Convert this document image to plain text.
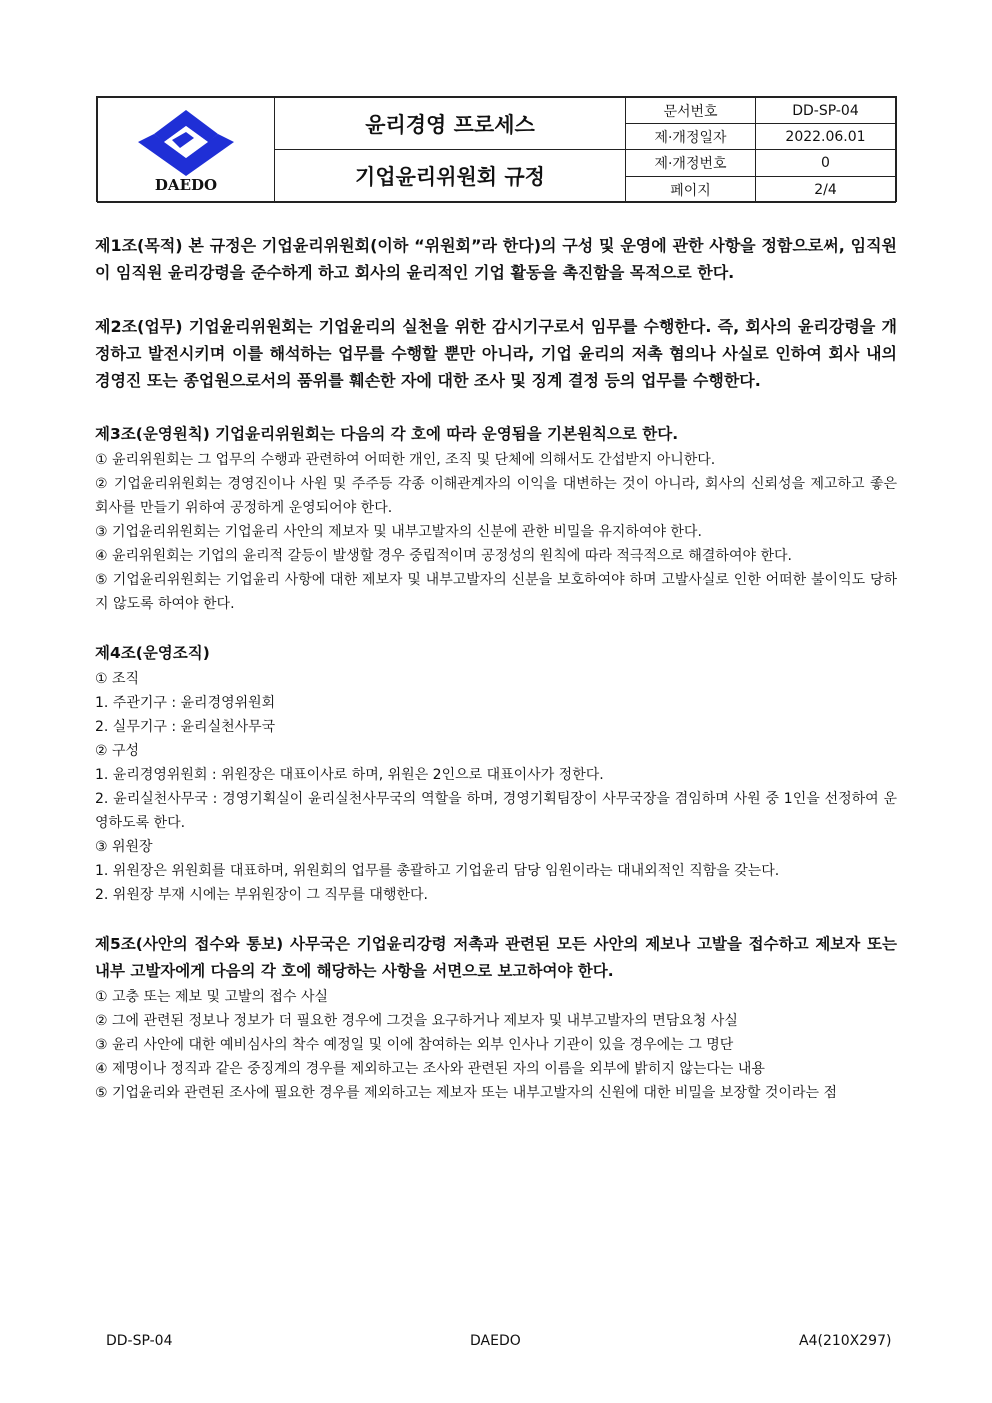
DAEDO	윤리경영 프로세스	문서번호	DD-SP-04
		제·개정일자	2022.06.01
	기업윤리위원회 규정	제·개정번호	0
		페이지	2/4

제1조(목적) 본 규정은 기업윤리위원회(이하 “위원회”라 한다)의 구성 및 운영에 관한 사항을 정함으로써, 임직원이 임직원 윤리강령을 준수하게 하고 회사의 윤리적인 기업 활동을 촉진함을 목적으로 한다.

제2조(업무) 기업윤리위원회는 기업윤리의 실천을 위한 감시기구로서 임무를 수행한다. 즉, 회사의 윤리강령을 개정하고 발전시키며 이를 해석하는 업무를 수행할 뿐만 아니라, 기업 윤리의 저촉 혐의나 사실로 인하여 회사 내의 경영진 또는 종업원으로서의 품위를 훼손한 자에 대한 조사 및 징계 결정 등의 업무를 수행한다.

제3조(운영원칙) 기업윤리위원회는 다음의 각 호에 따라 운영됨을 기본원칙으로 한다.

① 윤리위원회는 그 업무의 수행과 관련하여 어떠한 개인, 조직 및 단체에 의해서도 간섭받지 아니한다.

② 기업윤리위원회는 경영진이나 사원 및 주주등 각종 이해관계자의 이익을 대변하는 것이 아니라, 회사의 신뢰성을 제고하고 좋은 회사를 만들기 위하여 공정하게 운영되어야 한다.

③ 기업윤리위원회는 기업윤리 사안의 제보자 및 내부고발자의 신분에 관한 비밀을 유지하여야 한다.

④ 윤리위원회는 기업의 윤리적 갈등이 발생할 경우 중립적이며 공정성의 원칙에 따라 적극적으로 해결하여야 한다.

⑤ 기업윤리위원회는 기업윤리 사항에 대한 제보자 및 내부고발자의 신분을 보호하여야 하며 고발사실로 인한 어떠한 불이익도 당하지 않도록 하여야 한다.

제4조(운영조직)

① 조직

1. 주관기구 : 윤리경영위원회

2. 실무기구 : 윤리실천사무국

② 구성

1. 윤리경영위원회 : 위원장은 대표이사로 하며, 위원은 2인으로 대표이사가 정한다.

2. 윤리실천사무국 : 경영기획실이 윤리실천사무국의 역할을 하며, 경영기획팀장이 사무국장을 겸임하며 사원 중 1인을 선정하여 운영하도록 한다.

③ 위원장

1. 위원장은 위원회를 대표하며, 위원회의 업무를 총괄하고 기업윤리 담당 임원이라는 대내외적인 직함을 갖는다.

2. 위원장 부재 시에는 부위원장이 그 직무를 대행한다.

제5조(사안의 접수와 통보) 사무국은 기업윤리강령 저촉과 관련된 모든 사안의 제보나 고발을 접수하고 제보자 또는 내부 고발자에게 다음의 각 호에 해당하는 사항을 서면으로 보고하여야 한다.

① 고충 또는 제보 및 고발의 접수 사실

② 그에 관련된 정보나 정보가 더 필요한 경우에 그것을 요구하거나 제보자 및 내부고발자의 면담요청 사실

③ 윤리 사안에 대한 예비심사의 착수 예정일 및 이에 참여하는 외부 인사나 기관이 있을 경우에는 그 명단

④ 제명이나 정직과 같은 중징계의 경우를 제외하고는 조사와 관련된 자의 이름을 외부에 밝히지 않는다는 내용

⑤ 기업윤리와 관련된 조사에 필요한 경우를 제외하고는 제보자 또는 내부고발자의 신원에 대한 비밀을 보장할 것이라는 점

DD-SP-04	DAEDO	A4(210X297)
